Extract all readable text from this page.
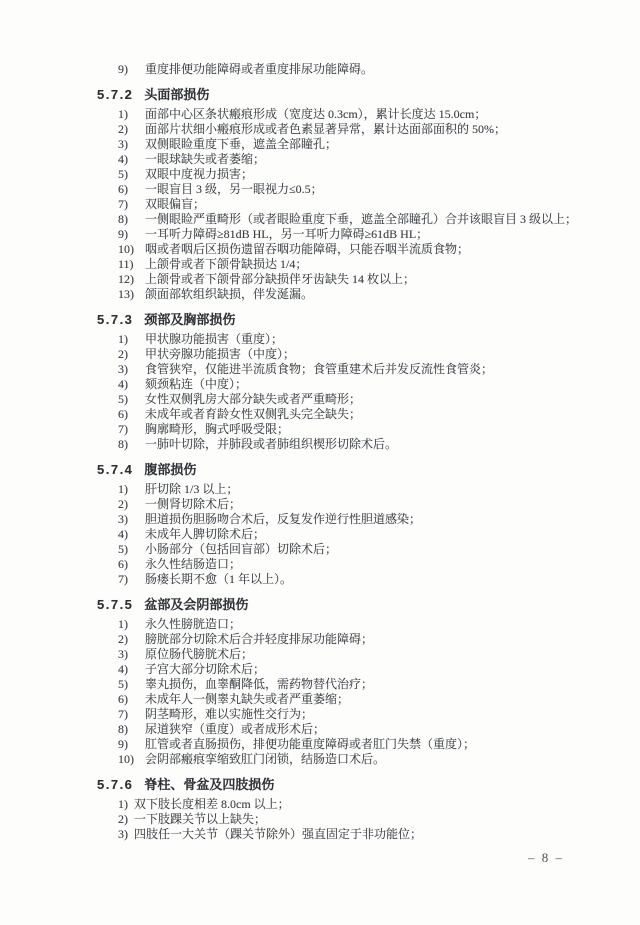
9)	重度排便功能障碍或者重度排尿功能障碍。
5.7.2 头面部损伤
1)	面部中心区条状瘢痕形成（宽度达 0.3cm），累计长度达 15.0cm；
2)	面部片状细小瘢痕形成或者色素显著异常，累计达面部面积的 50%；
3)	双侧眼睑重度下垂，遮盖全部瞳孔；
4)	一眼球缺失或者萎缩；
5)	双眼中度视力损害；
6)	一眼盲目 3 级，另一眼视力≤0.5；
7)	双眼偏盲；
8)	一侧眼睑严重畸形（或者眼睑重度下垂，遮盖全部瞳孔）合并该眼盲目 3 级以上；
9)	一耳听力障碍≥81dB HL，另一耳听力障碍≥61dB HL；
10) 咽或者咽后区损伤遗留吞咽功能障碍，只能吞咽半流质食物；
11) 上颌骨或者下颌骨缺损达 1/4；
12) 上颌骨或者下颌骨部分缺损伴牙齿缺失 14 枚以上；
13) 颌面部软组织缺损，伴发涎漏。
5.7.3 颈部及胸部损伤
1)	甲状腺功能损害（重度）；
2)	甲状旁腺功能损害（中度）；
3)	食管狭窄，仅能进半流质食物；食管重建术后并发反流性食管炎；
4)	颏颈粘连（中度）；
5)	女性双侧乳房大部分缺失或者严重畸形；
6)	未成年或者育龄女性双侧乳头完全缺失；
7)	胸廓畸形，胸式呼吸受限；
8)	一肺叶切除，并肺段或者肺组织楔形切除术后。
5.7.4 腹部损伤
1)	肝切除 1/3 以上；
2)	一侧肾切除术后；
3)	胆道损伤胆肠吻合术后，反复发作逆行性胆道感染；
4)	未成年人脾切除术后；
5)	小肠部分（包括回盲部）切除术后；
6)	永久性结肠造口；
7)	肠瘘长期不愈（1 年以上）。
5.7.5 盆部及会阴部损伤
1)	永久性膀胱造口；
2)	膀胱部分切除术后合并轻度排尿功能障碍；
3)	原位肠代膀胱术后；
4)	子宫大部分切除术后；
5)	睾丸损伤，血睾酮降低，需药物替代治疗；
6)	未成年人一侧睾丸缺失或者严重萎缩；
7)	阴茎畸形，难以实施性交行为；
8)	尿道狭窄（重度）或者成形术后；
9)	肛管或者直肠损伤，排便功能重度障碍或者肛门失禁（重度）；
10) 会阴部瘢痕挛缩致肛门闭锁，结肠造口术后。
5.7.6 脊柱、骨盆及四肢损伤
1) 双下肢长度相差 8.0cm 以上；
2) 一下肢踝关节以上缺失；
3) 四肢任一大关节（踝关节除外）强直固定于非功能位；
– 8 –
